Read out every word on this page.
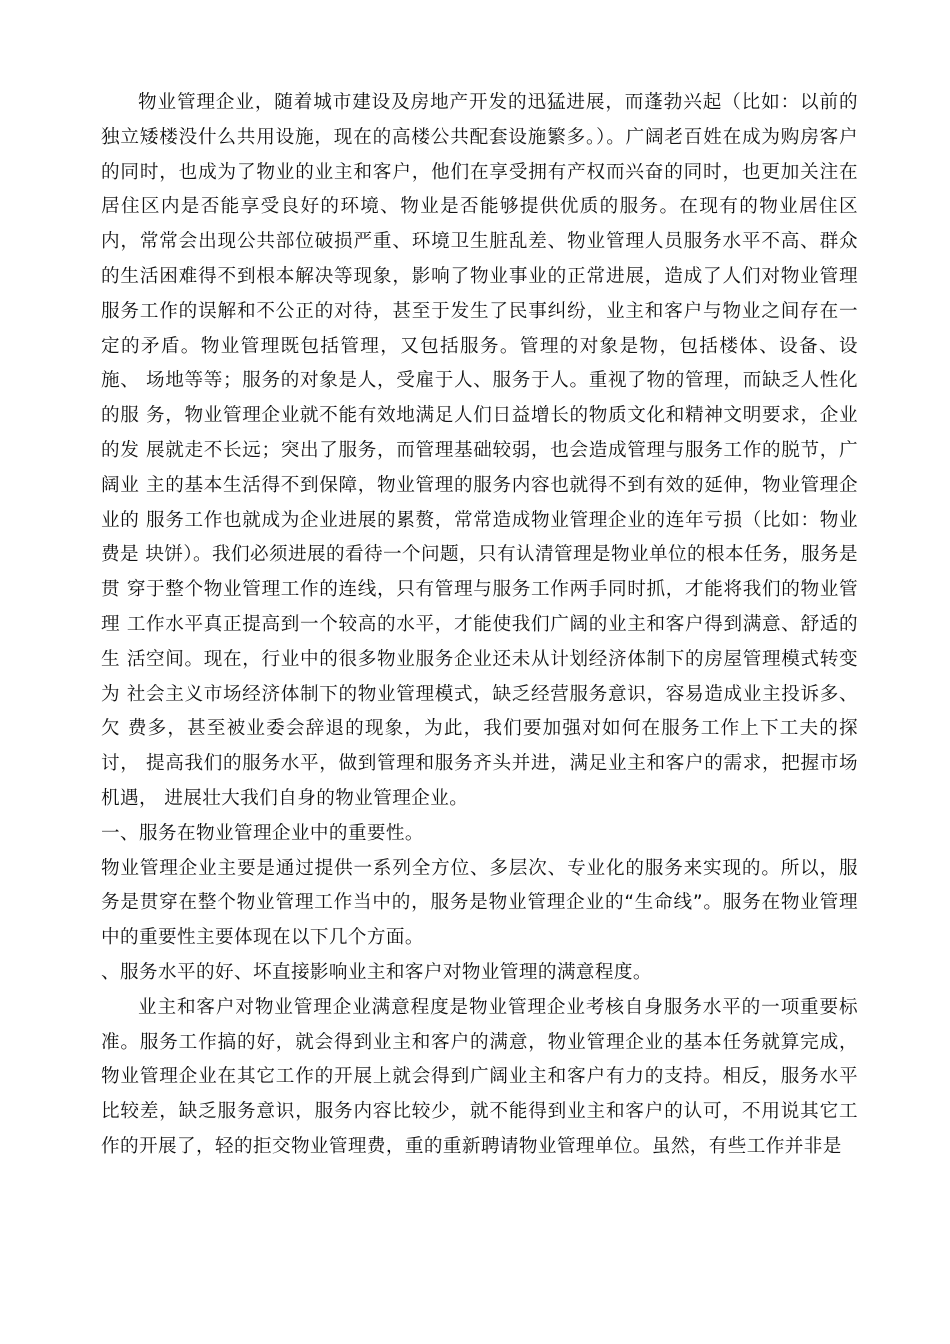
物业管理企业，随着城市建设及房地产开发的迅猛进展，而蓬勃兴起（比如：以前的独立矮楼没什么共用设施，现在的高楼公共配套设施繁多。）。广阔老百姓在成为购房客户的同时，也成为了物业的业主和客户，他们在享受拥有产权而兴奋的同时，也更加关注在居住区内是否能享受良好的环境、物业是否能够提供优质的服务。在现有的物业居住区内，常常会出现公共部位破损严重、环境卫生脏乱差、物业管理人员服务水平不高、群众的生活困难得不到根本解决等现象，影响了物业事业的正常进展，造成了人们对物业管理服务工作的误解和不公正的对待，甚至于发生了民事纠纷，业主和客户与物业之间存在一定的矛盾。物业管理既包括管理，又包括服务。管理的对象是物，包括楼体、设备、设施、 场地等等；服务的对象是人，受雇于人、服务于人。重视了物的管理，而缺乏人性化的服 务，物业管理企业就不能有效地满足人们日益增长的物质文化和精神文明要求，企业的发 展就走不长远；突出了服务，而管理基础较弱，也会造成管理与服务工作的脱节，广阔业 主的基本生活得不到保障，物业管理的服务内容也就得不到有效的延伸，物业管理企业的 服务工作也就成为企业进展的累赘，常常造成物业管理企业的连年亏损（比如：物业费是 块饼）。我们必须进展的看待一个问题，只有认清管理是物业单位的根本任务，服务是贯 穿于整个物业管理工作的连线，只有管理与服务工作两手同时抓，才能将我们的物业管理 工作水平真正提高到一个较高的水平，才能使我们广阔的业主和客户得到满意、舒适的生 活空间。现在，行业中的很多物业服务企业还未从计划经济体制下的房屋管理模式转变为 社会主义市场经济体制下的物业管理模式，缺乏经营服务意识，容易造成业主投诉多、欠 费多，甚至被业委会辞退的现象，为此，我们要加强对如何在服务工作上下工夫的探讨， 提高我们的服务水平，做到管理和服务齐头并进，满足业主和客户的需求，把握市场机遇， 进展壮大我们自身的物业管理企业。

一、服务在物业管理企业中的重要性。

物业管理企业主要是通过提供一系列全方位、多层次、专业化的服务来实现的。所以，服务是贯穿在整个物业管理工作当中的，服务是物业管理企业的“生命线”。服务在物业管理 中的重要性主要体现在以下几个方面。

、服务水平的好、坏直接影响业主和客户对物业管理的满意程度。

业主和客户对物业管理企业满意程度是物业管理企业考核自身服务水平的一项重要标准。服务工作搞的好，就会得到业主和客户的满意，物业管理企业的基本任务就算完成，物业管理企业在其它工作的开展上就会得到广阔业主和客户有力的支持。相反，服务水平比较差，缺乏服务意识，服务内容比较少，就不能得到业主和客户的认可，不用说其它工作的开展了，轻的拒交物业管理费，重的重新聘请物业管理单位。虽然，有些工作并非是
